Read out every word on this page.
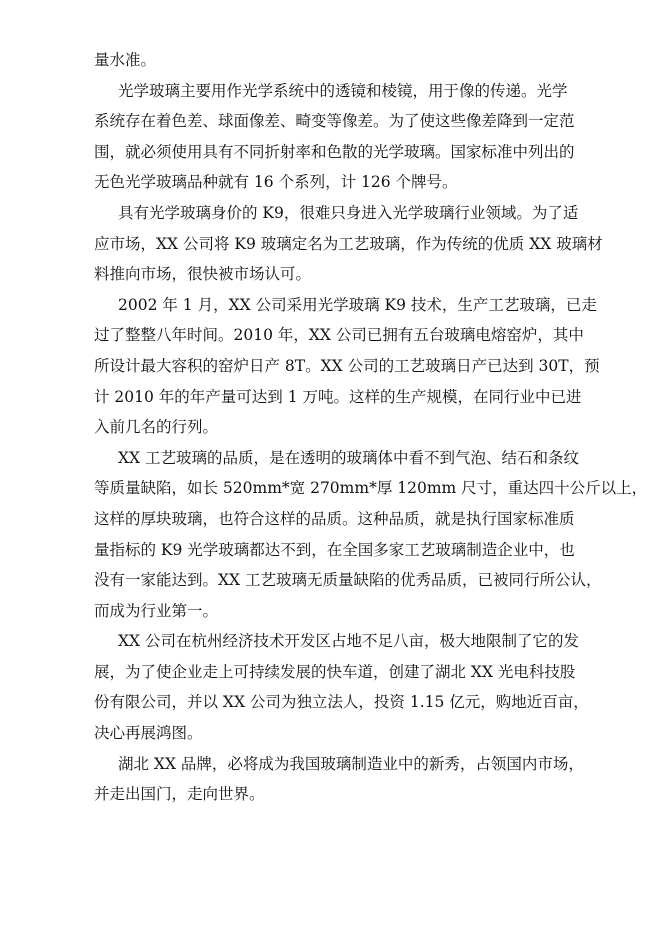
量水准。
光学玻璃主要用作光学系统中的透镜和棱镜，用于像的传递。光学
系统存在着色差、球面像差、畸变等像差。为了使这些像差降到一定范
围，就必须使用具有不同折射率和色散的光学玻璃。国家标准中列出的
无色光学玻璃品种就有 16 个系列，计 126 个牌号。
具有光学玻璃身价的 K9，很难只身进入光学玻璃行业领域。为了适
应市场，XX 公司将 K9 玻璃定名为工艺玻璃，作为传统的优质 XX 玻璃材
料推向市场，很快被市场认可。
2002 年 1 月，XX 公司采用光学玻璃 K9 技术，生产工艺玻璃，已走
过了整整八年时间。2010 年，XX 公司已拥有五台玻璃电熔窑炉，其中
所设计最大容积的窑炉日产 8T。XX 公司的工艺玻璃日产已达到 30T，预
计 2010 年的年产量可达到 1 万吨。这样的生产规模，在同行业中已进
入前几名的行列。
XX 工艺玻璃的品质，是在透明的玻璃体中看不到气泡、结石和条纹
等质量缺陷，如长 520mm*宽 270mm*厚 120mm 尺寸，重达四十公斤以上，
这样的厚块玻璃，也符合这样的品质。这种品质，就是执行国家标准质
量指标的 K9 光学玻璃都达不到，在全国多家工艺玻璃制造企业中，也
没有一家能达到。XX 工艺玻璃无质量缺陷的优秀品质，已被同行所公认，
而成为行业第一。
XX 公司在杭州经济技术开发区占地不足八亩，极大地限制了它的发
展，为了使企业走上可持续发展的快车道，创建了湖北 XX 光电科技股
份有限公司，并以 XX 公司为独立法人，投资 1.15 亿元，购地近百亩，
决心再展鸿图。
湖北 XX 品牌，必将成为我国玻璃制造业中的新秀，占领国内市场，
并走出国门，走向世界。
